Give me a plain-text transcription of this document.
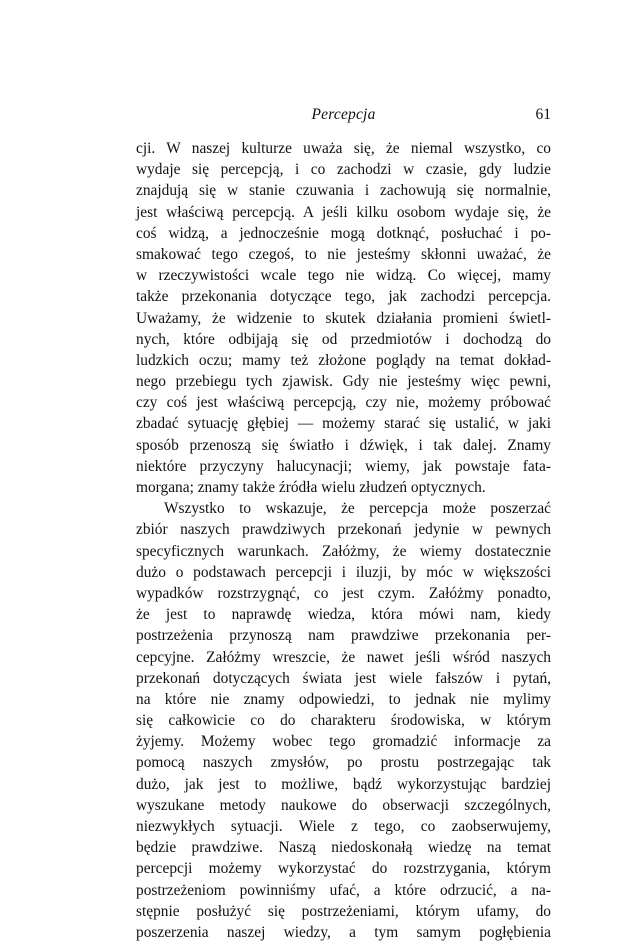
Percepcja	61
cji. W naszej kulturze uważa się, że niemal wszystko, co
wydaje się percepcją, i co zachodzi w czasie, gdy ludzie
znajdują się w stanie czuwania i zachowują się normalnie,
jest właściwą percepcją. A jeśli kilku osobom wydaje się, że
coś widzą, a jednocześnie mogą dotknąć, posłuchać i po-
smakować tego czegoś, to nie jesteśmy skłonni uważać, że
w rzeczywistości wcale tego nie widzą. Co więcej, mamy
także przekonania dotyczące tego, jak zachodzi percepcja.
Uważamy, że widzenie to skutek działania promieni świetl-
nych, które odbijają się od przedmiotów i dochodzą do
ludzkich oczu; mamy też złożone poglądy na temat dokład-
nego przebiegu tych zjawisk. Gdy nie jesteśmy więc pewni,
czy coś jest właściwą percepcją, czy nie, możemy próbować
zbadać sytuację głębiej — możemy starać się ustalić, w jaki
sposób przenoszą się światło i dźwięk, i tak dalej. Znamy
niektóre przyczyny halucynacji; wiemy, jak powstaje fata-
morgana; znamy także źródła wielu złudzeń optycznych.
Wszystko to wskazuje, że percepcja może poszerzać
zbiór naszych prawdziwych przekonań jedynie w pewnych
specyficznych warunkach. Załóżmy, że wiemy dostatecznie
dużo o podstawach percepcji i iluzji, by móc w większości
wypadków rozstrzygnąć, co jest czym. Załóżmy ponadto,
że jest to naprawdę wiedza, która mówi nam, kiedy
postrzeżenia przynoszą nam prawdziwe przekonania per-
cepcyjne. Załóżmy wreszcie, że nawet jeśli wśród naszych
przekonań dotyczących świata jest wiele fałszów i pytań,
na które nie znamy odpowiedzi, to jednak nie mylimy
się całkowicie co do charakteru środowiska, w którym
żyjemy. Możemy wobec tego gromadzić informacje za
pomocą naszych zmysłów, po prostu postrzegając tak
dużo, jak jest to możliwe, bądź wykorzystując bardziej
wyszukane metody naukowe do obserwacji szczególnych,
niezwykłych sytuacji. Wiele z tego, co zaobserwujemy,
będzie prawdziwe. Naszą niedoskonałą wiedzę na temat
percepcji możemy wykorzystać do rozstrzygania, którym
postrzeżeniom powinniśmy ufać, a które odrzucić, a na-
stępnie posłużyć się postrzeżeniami, którym ufamy, do
poszerzenia naszej wiedzy, a tym samym pogłębienia
